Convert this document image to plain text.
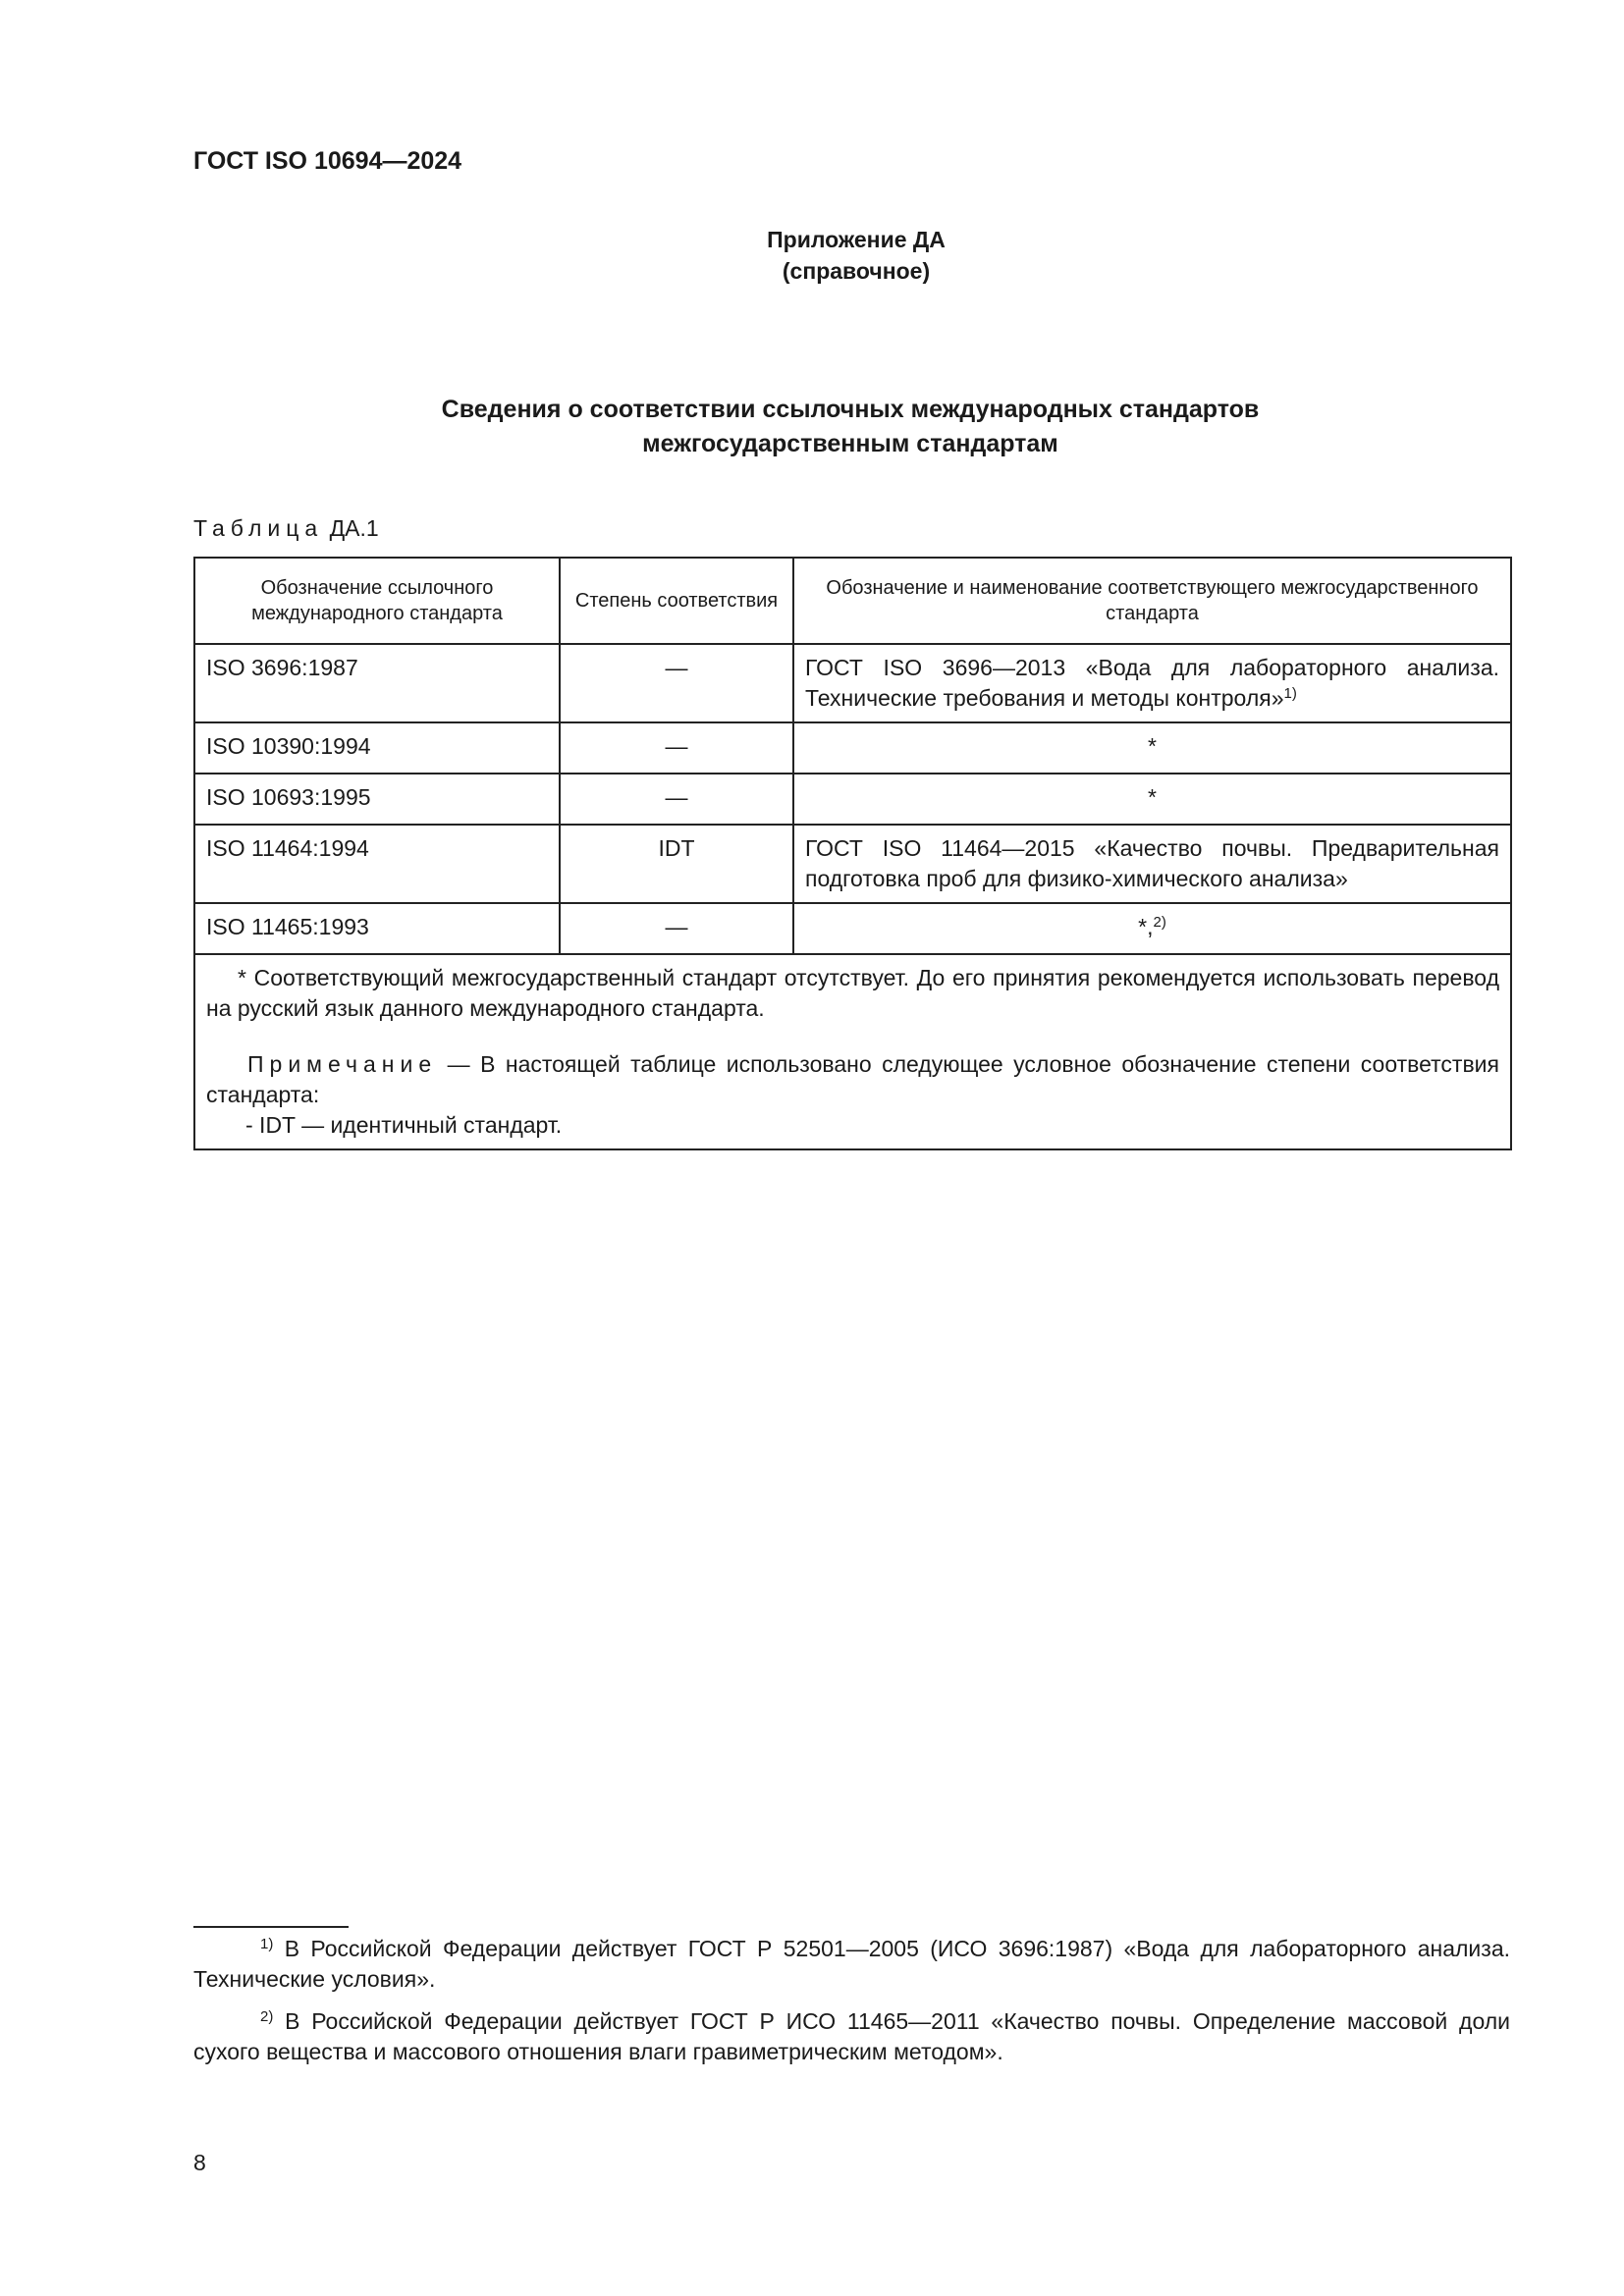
ГОСТ ISO 10694—2024
Приложение ДА
(справочное)
Сведения о соответствии ссылочных международных стандартов
межгосударственным стандартам
Таблица ДА.1
Обозначение ссылочного международного стандарта	Степень соответствия	Обозначение и наименование соответствующего межгосударственного стандарта
ISO 3696:1987	—	ГОСТ ISO 3696—2013 «Вода для лабораторного анализа. Технические требования и методы контроля»$^{1)}$
ISO 10390:1994	—	*
ISO 10693:1995	—	*
ISO 11464:1994	IDT	ГОСТ ISO 11464—2015 «Качество почвы. Предварительная подготовка проб для физико-химического анализа»
ISO 11465:1993	—	*,$^{2)}$

* Соответствующий межгосударственный стандарт отсутствует. До его принятия рекомендуется использовать перевод на русский язык данного международного стандарта.

Примечание — В настоящей таблице использовано следующее условное обозначение степени соответствия стандарта:

- IDT — идентичный стандарт.		

$^{1)}$ В Российской Федерации действует ГОСТ Р 52501—2005 (ИСО 3696:1987) «Вода для лабораторного анализа. Технические условия».

$^{2)}$ В Российской Федерации действует ГОСТ Р ИСО 11465—2011 «Качество почвы. Определение массовой доли сухого вещества и массового отношения влаги гравиметрическим методом».

8
